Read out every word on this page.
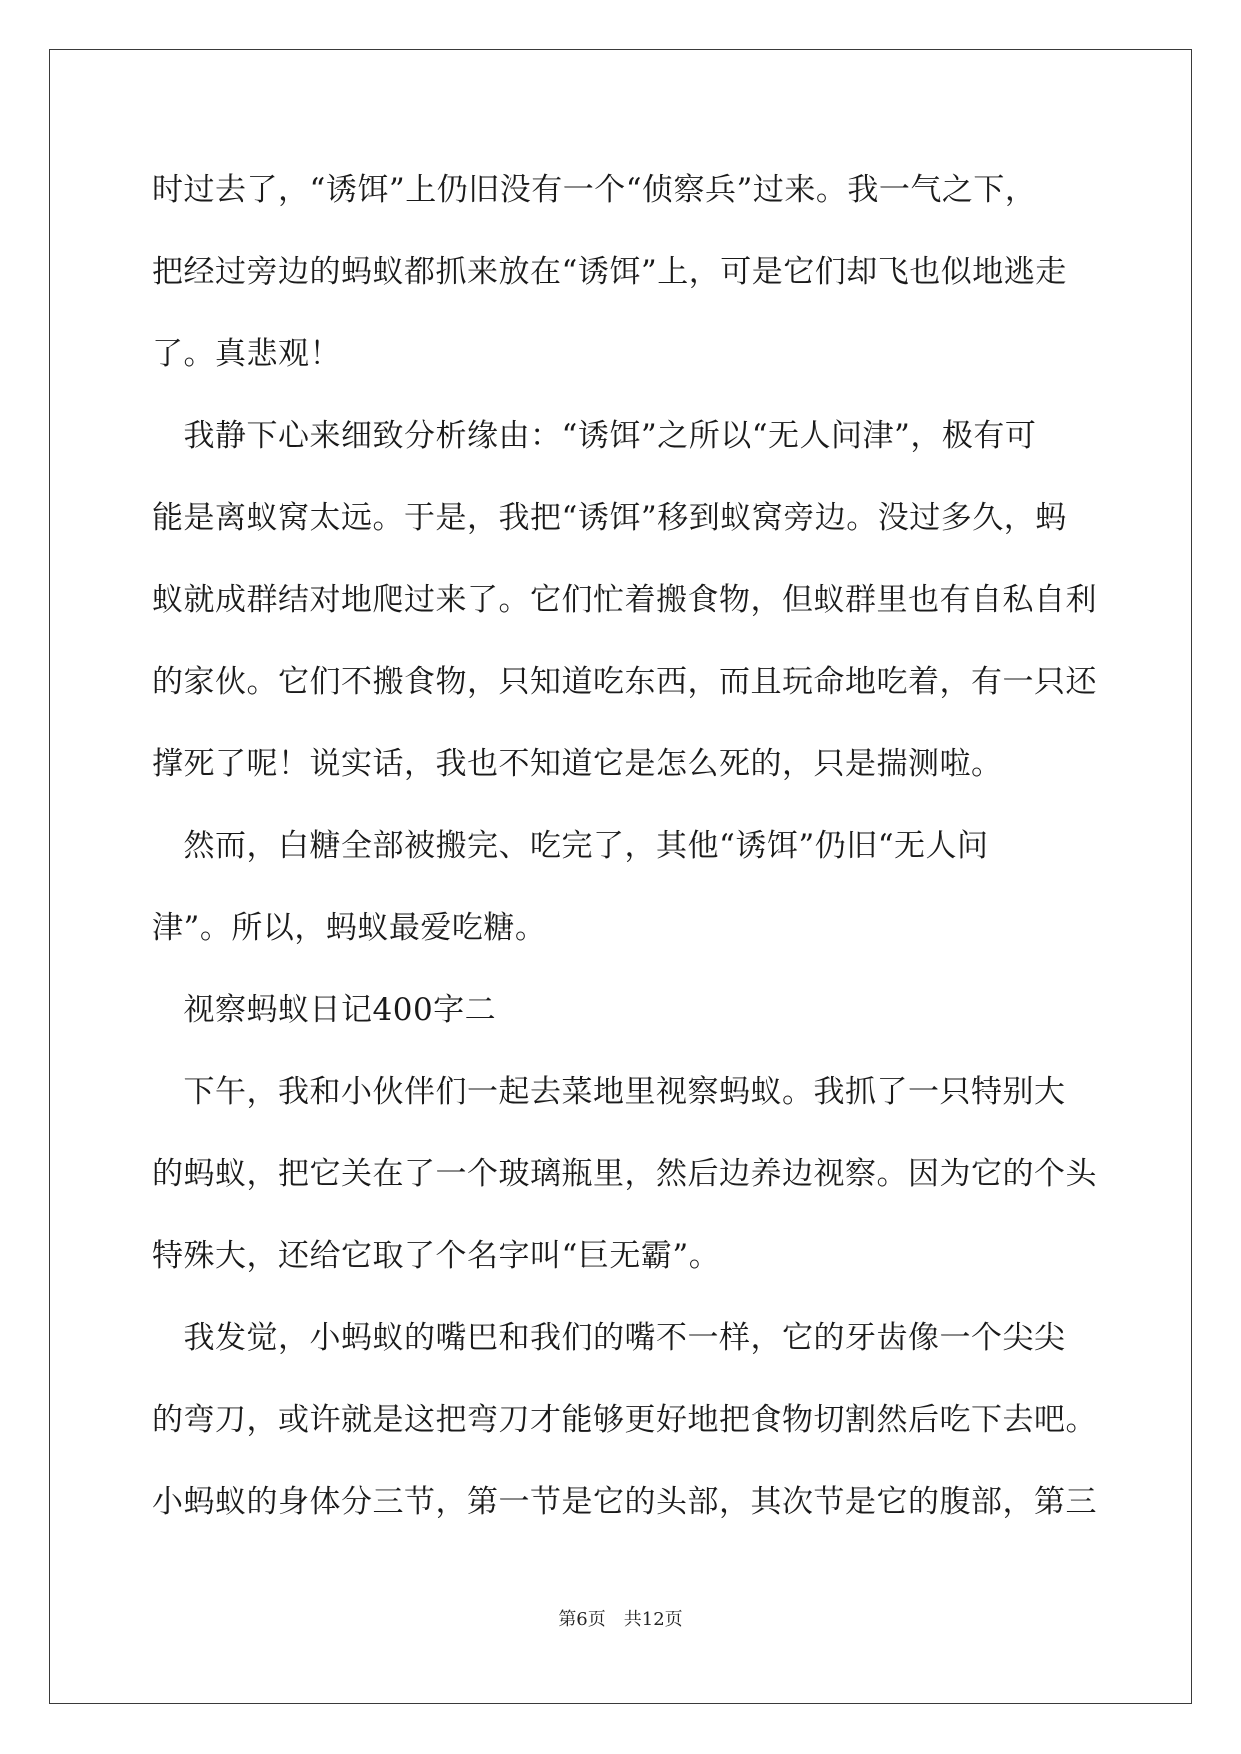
时过去了，“诱饵”上仍旧没有一个“侦察兵”过来。我一气之下，
把经过旁边的蚂蚁都抓来放在“诱饵”上，可是它们却飞也似地逃走
了。真悲观！
　我静下心来细致分析缘由：“诱饵”之所以“无人问津”，极有可
能是离蚁窝太远。于是，我把“诱饵”移到蚁窝旁边。没过多久，蚂
蚁就成群结对地爬过来了。它们忙着搬食物，但蚁群里也有自私自利
的家伙。它们不搬食物，只知道吃东西，而且玩命地吃着，有一只还
撑死了呢！说实话，我也不知道它是怎么死的，只是揣测啦。
　然而，白糖全部被搬完、吃完了，其他“诱饵”仍旧“无人问
津”。所以，蚂蚁最爱吃糖。
　视察蚂蚁日记400字二
　下午，我和小伙伴们一起去菜地里视察蚂蚁。我抓了一只特别大
的蚂蚁，把它关在了一个玻璃瓶里，然后边养边视察。因为它的个头
特殊大，还给它取了个名字叫“巨无霸”。
　我发觉，小蚂蚁的嘴巴和我们的嘴不一样，它的牙齿像一个尖尖
的弯刀，或许就是这把弯刀才能够更好地把食物切割然后吃下去吧。
小蚂蚁的身体分三节，第一节是它的头部，其次节是它的腹部，第三
第6页　共12页
